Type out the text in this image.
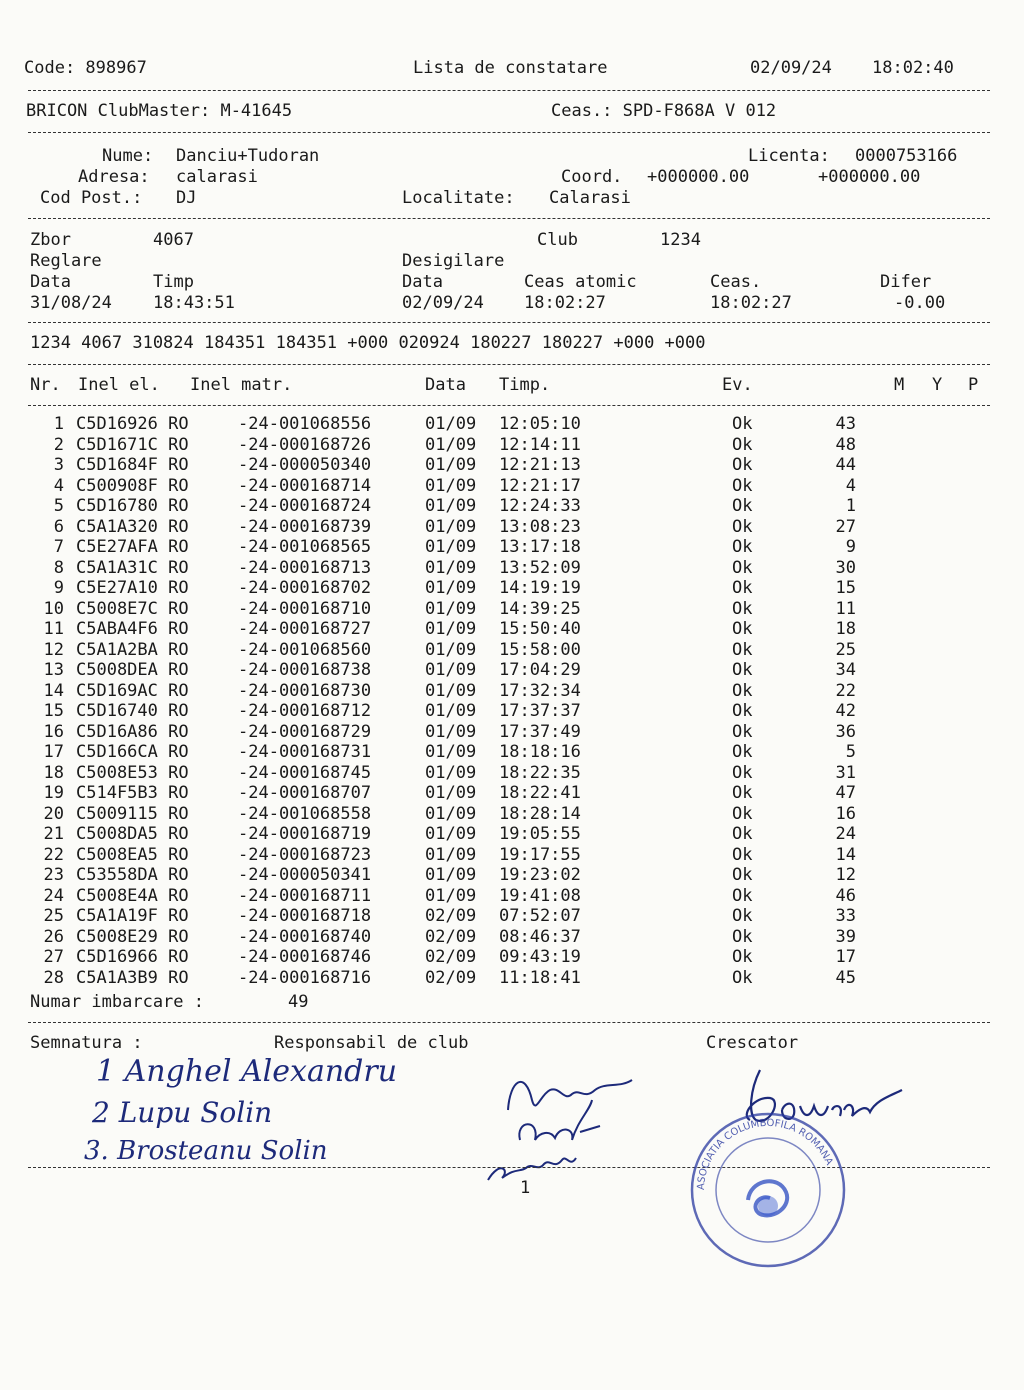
Code: 898967	Lista de constatare	02/09/24 18:02:40
BRICON ClubMaster: M-41645	Ceas.: SPD-F868A V 012
Nume: Danciu+Tudoran	Licenta: 0000753166
Adresa: calarasi	Coord. +000000.00	+000000.00
Cod Post.: DJ	Localitate: Calarasi
Zbor	4067	Club	1234
Reglare	Desigilare
Data	Timp	Data	Ceas atomic	Ceas.	Difer
31/08/24 18:43:51	02/09/24 18:02:27	18:02:27	-0.00
1234 4067 310824 184351 184351 +000 020924 180227 180227 +000 +000
Nr. Inel el. Inel matr.	Data Timp.	Ev.	M Y P
1 C5D16926 RO	-24-001068556	01/09 12:05:10	Ok	43
2 C5D1671C RO	-24-000168726	01/09 12:14:11	Ok	48
3 C5D1684F RO	-24-000050340	01/09 12:21:13	Ok	44
4 C500908F RO	-24-000168714	01/09 12:21:17	Ok	4
5 C5D16780 RO	-24-000168724	01/09 12:24:33	Ok	1
6 C5A1A320 RO	-24-000168739	01/09 13:08:23	Ok	27
7 C5E27AFA RO	-24-001068565	01/09 13:17:18	Ok	9
8 C5A1A31C RO	-24-000168713	01/09 13:52:09	Ok	30
9 C5E27A10 RO	-24-000168702	01/09 14:19:19	Ok	15
10 C5008E7C RO	-24-000168710	01/09 14:39:25	Ok	11
11 C5ABA4F6 RO	-24-000168727	01/09 15:50:40	Ok	18
12 C5A1A2BA RO	-24-001068560	01/09 15:58:00	Ok	25
13 C5008DEA RO	-24-000168738	01/09 17:04:29	Ok	34
14 C5D169AC RO	-24-000168730	01/09 17:32:34	Ok	22
15 C5D16740 RO	-24-000168712	01/09 17:37:37	Ok	42
16 C5D16A86 RO	-24-000168729	01/09 17:37:49	Ok	36
17 C5D166CA RO	-24-000168731	01/09 18:18:16	Ok	5
18 C5008E53 RO	-24-000168745	01/09 18:22:35	Ok	31
19 C514F5B3 RO	-24-000168707	01/09 18:22:41	Ok	47
20 C5009115 RO	-24-001068558	01/09 18:28:14	Ok	16
21 C5008DA5 RO	-24-000168719	01/09 19:05:55	Ok	24
22 C5008EA5 RO	-24-000168723	01/09 19:17:55	Ok	14
23 C53558DA RO	-24-000050341	01/09 19:23:02	Ok	12
24 C5008E4A RO	-24-000168711	01/09 19:41:08	Ok	46
25 C5A1A19F RO	-24-000168718	02/09 07:52:07	Ok	33
26 C5008E29 RO	-24-000168740	02/09 08:46:37	Ok	39
27 C5D16966 RO	-24-000168746	02/09 09:43:19	Ok	17
28 C5A1A3B9 RO	-24-000168716	02/09 11:18:41	Ok	45
Numar imbarcare :	49
Semnatura :	Responsabil de club	Crescator
1 Anghel Alexandru
2 Lupu Solin
3. Brosteanu Solin
1	ASOCIATIA COLUMBOFILA ROMANA
